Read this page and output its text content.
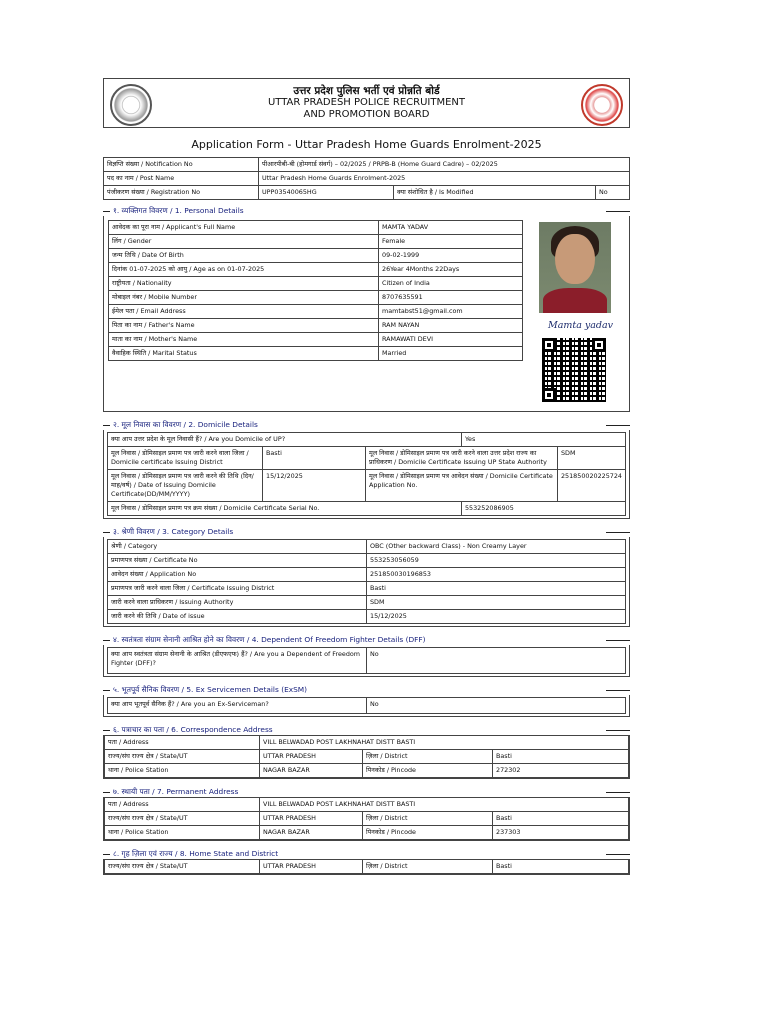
उत्तर प्रदेश पुलिस भर्ती एवं प्रोन्नति बोर्ड
UTTAR PRADESH POLICE RECRUITMENT
AND PROMOTION BOARD
Application Form - Uttar Pradesh Home Guards Enrolment-2025
विज्ञप्ति संख्या / Notification No	पीआरपीबी-बी (होमगार्ड संवर्ग) – 02/2025 / PRPB-B (Home Guard Cadre) – 02/2025		
पद का नाम / Post Name	Uttar Pradesh Home Guards Enrolment-2025		
पंजीकरण संख्या / Registration No	UPP03540065HG	क्या संशोधित है / Is Modified	No
१. व्यक्तिगत विवरण / 1. Personal Details
आवेदक का पूरा नाम / Applicant's Full Name	MAMTA YADAV
लिंग / Gender	Female
जन्म तिथि / Date Of Birth	09-02-1999
दिनांक 01-07-2025 को आयु / Age as on 01-07-2025	26Year 4Months 22Days
राष्ट्रीयता / Nationality	Citizen of India
मोबाइल नंबर / Mobile Number	8707635591
ईमेल पता / Email Address	mamtabst51@gmail.com
पिता का नाम / Father's Name	RAM NAYAN
माता का नाम / Mother's Name	RAMAWATI DEVI
वैवाहिक स्थिति / Marital Status	Married
Mamta yadav
२. मूल निवास का विवरण / 2. Domicile Details
क्या आप उत्तर प्रदेश के मूल निवासी हैं? / Are you Domicile of UP?			Yes	
मूल निवास / डोमिसाइल प्रमाण पत्र जारी करने वाला जिला / Domicile certificate Issuing District	Basti	मूल निवास / डोमिसाइल प्रमाण पत्र जारी करने वाला उत्तर प्रदेश राज्य का प्राधिकरण / Domicile Certificate Issuing UP State Authority		SDM
मूल निवास / डोमिसाइल प्रमाण पत्र जारी करने की तिथि (दिन/माह/वर्ष) / Date of Issuing Domicile Certificate(DD/MM/YYYY)	15/12/2025	मूल निवास / डोमिसाइल प्रमाण पत्र आवेदन संख्या / Domicile Certificate Application No.		251850020225724
मूल निवास / डोमिसाइल प्रमाण पत्र क्रम संख्या / Domicile Certificate Serial No.			553252086905	
३. श्रेणी विवरण / 3. Category Details
श्रेणी / Category	OBC (Other backward Class) - Non Creamy Layer
प्रमाणपत्र संख्या / Certificate No	553253056059
आवेदन संख्या / Application No	251850030196853
प्रमाणपत्र जारी करने वाला जिला / Certificate Issuing District	Basti
जारी करने वाला प्राधिकरण / Issuing Authority	SDM
जारी करने की तिथि / Date of issue	15/12/2025
४. स्वतंत्रता संग्राम सेनानी आश्रित होने का विवरण / 4. Dependent Of Freedom Fighter Details (DFF)
क्या आप स्वतंत्रता संग्राम सेनानी के आश्रित (डीएफएफ) हैं? / Are you a Dependent of Freedom Fighter (DFF)?	No
५. भूतपूर्व सैनिक विवरण / 5. Ex Servicemen Details (ExSM)
क्या आप भूतपूर्व सैनिक हैं? / Are you an Ex-Serviceman?	No
६. पत्राचार का पता / 6. Correspondence Address
पता / Address	VILL BELWADAD POST LAKHNAHAT DISTT BASTI		
राज्य/संघ राज्य क्षेत्र / State/UT	UTTAR PRADESH	ज़िला / District	Basti
थाना / Police Station	NAGAR BAZAR	पिनकोड / Pincode	272302
७. स्थायी पता / 7. Permanent Address
पता / Address	VILL BELWADAD POST LAKHNAHAT DISTT BASTI		
राज्य/संघ राज्य क्षेत्र / State/UT	UTTAR PRADESH	ज़िला / District	Basti
थाना / Police Station	NAGAR BAZAR	पिनकोड / Pincode	237303
८. गृह ज़िला एवं राज्य / 8. Home State and District
राज्य/संघ राज्य क्षेत्र / State/UT	UTTAR PRADESH	ज़िला / District	Basti
